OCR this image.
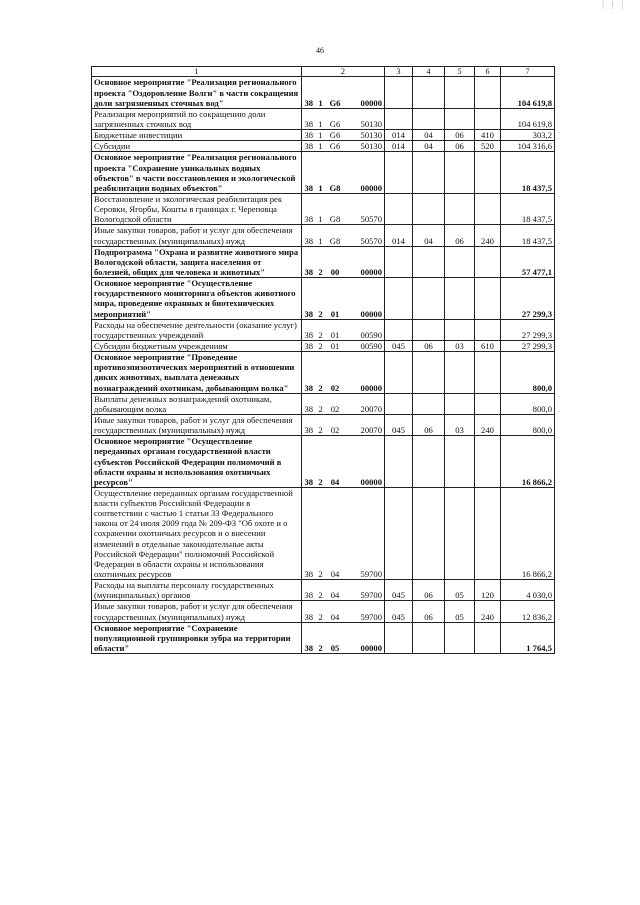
| | |
46
1	2				3	4	5	6	7
Основное мероприятие "Реализация регионального проекта "Оздоровление Волги" в части сокращения доли загрязненных сточных вод"	38	1	G6	00000					104 619,8
Реализация мероприятий по сокращению доли загрязненных сточных вод	38	1	G6	50130					104 619,8
Бюджетные инвестиции	38	1	G6	50130	014	04	06	410	303,2
Субсидии	38	1	G6	50130	014	04	06	520	104 316,6
Основное мероприятие "Реализация регионального проекта "Сохранение уникальных водных объектов" в части восстановления и экологической реабилитации водных объектов"	38	1	G8	00000					18 437,5
Восстановление и экологическая реабилитация рек Серовки, Ягорбы, Кошты в границах г. Череповца Вологодской области	38	1	G8	50570					18 437,5
Иные закупки товаров, работ и услуг для обеспечения государственных (муниципальных) нужд	38	1	G8	50570	014	04	06	240	18 437,5
Подпрограмма "Охрана и развитие животного мира Вологодской области, защита населения от болезней, общих для человека и животных"	38	2	00	00000					57 477,1
Основное мероприятие "Осуществление государственного мониторинга объектов животного мира, проведение охранных и биотехнических мероприятий"	38	2	01	00000					27 299,3
Расходы на обеспечение деятельности (оказание услуг) государственных учреждений	38	2	01	00590					27 299,3
Субсидии бюджетным учреждениям	38	2	01	00590	045	06	03	610	27 299,3
Основное мероприятие "Проведение противоэпизоотических мероприятий в отношении диких животных, выплата денежных вознаграждений охотникам, добывающим волка"	38	2	02	00000					800,0
Выплаты денежных вознаграждений охотникам, добывающим волка	38	2	02	20070					800,0
Иные закупки товаров, работ и услуг для обеспечения государственных (муниципальных) нужд	38	2	02	20070	045	06	03	240	800,0
Основное мероприятие "Осуществление переданных органам государственной власти субъектов Российской Федерации полномочий в области охраны и использования охотничьих ресурсов"	38	2	04	00000					16 866,2
Осуществление переданных органам государственной власти субъектов Российской Федерации в соответствии с частью 1 статьи 33 Федерального закона от 24 июля 2009 года № 209-ФЗ "Об охоте и о сохранении охотничьих ресурсов и о внесении изменений в отдельные законодательные акты Российской Федерации" полномочий Российской Федерации в области охраны и использования охотничьих ресурсов	38	2	04	59700					16 866,2
Расходы на выплаты персоналу государственных (муниципальных) органов	38	2	04	59700	045	06	05	120	4 030,0
Иные закупки товаров, работ и услуг для обеспечения государственных (муниципальных) нужд	38	2	04	59700	045	06	05	240	12 836,2
Основное мероприятие "Сохранение популяционной группировки зубра на территории области"	38	2	05	00000					1 764,5
